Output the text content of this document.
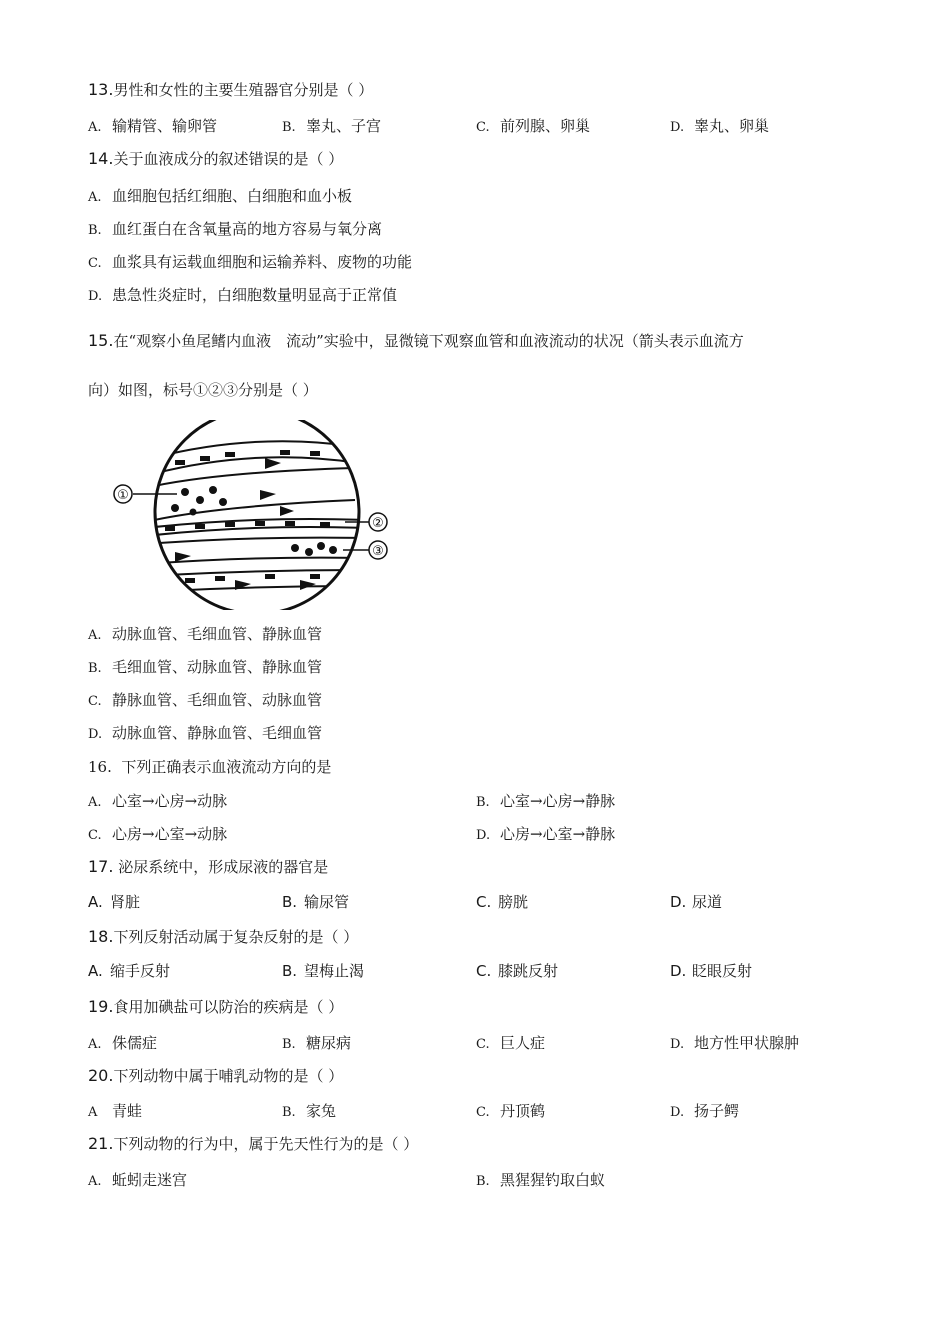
13.男性和女性的主要生殖器官分别是（ ）
A. 输精管、输卵管	B. 睾丸、子宫	C. 前列腺、卵巢	D. 睾丸、卵巢
14.关于血液成分的叙述错误的是（ ）
A. 血细胞包括红细胞、白细胞和血小板
B. 血红蛋白在含氧量高的地方容易与氧分离
C. 血浆具有运载血细胞和运输养料、废物的功能
D. 患急性炎症时，白细胞数量明显高于正常值
15.在“观察小鱼尾鳍内血液　流动”实验中，显微镜下观察血管和血液流动的状况（箭头表示血流方
向）如图，标号①②③分别是（ ）
①
②
③
A. 动脉血管、毛细血管、静脉血管
B. 毛细血管、动脉血管、静脉血管
C. 静脉血管、毛细血管、动脉血管
D. 动脉血管、静脉血管、毛细血管
16.  下列正确表示血液流动方向的是
A. 心室→心房→动脉	B. 心室→心房→静脉
C. 心房→心室→动脉	D. 心房→心室→静脉
17. 泌尿系统中，形成尿液的器官是
A. 肾脏	B. 输尿管	C. 膀胱	D. 尿道
18.下列反射活动属于复杂反射的是（ ）
A. 缩手反射	B. 望梅止渴	C. 膝跳反射	D. 眨眼反射
19.食用加碘盐可以防治的疾病是（ ）
A. 侏儒症	B. 糖尿病	C. 巨人症	D. 地方性甲状腺肿
20.下列动物中属于哺乳动物的是（ ）
A 青蛙	B. 家兔	C. 丹顶鹤	D. 扬子鳄
21.下列动物的行为中，属于先天性行为的是（ ）
A. 蚯蚓走迷宫	B. 黑猩猩钓取白蚁
